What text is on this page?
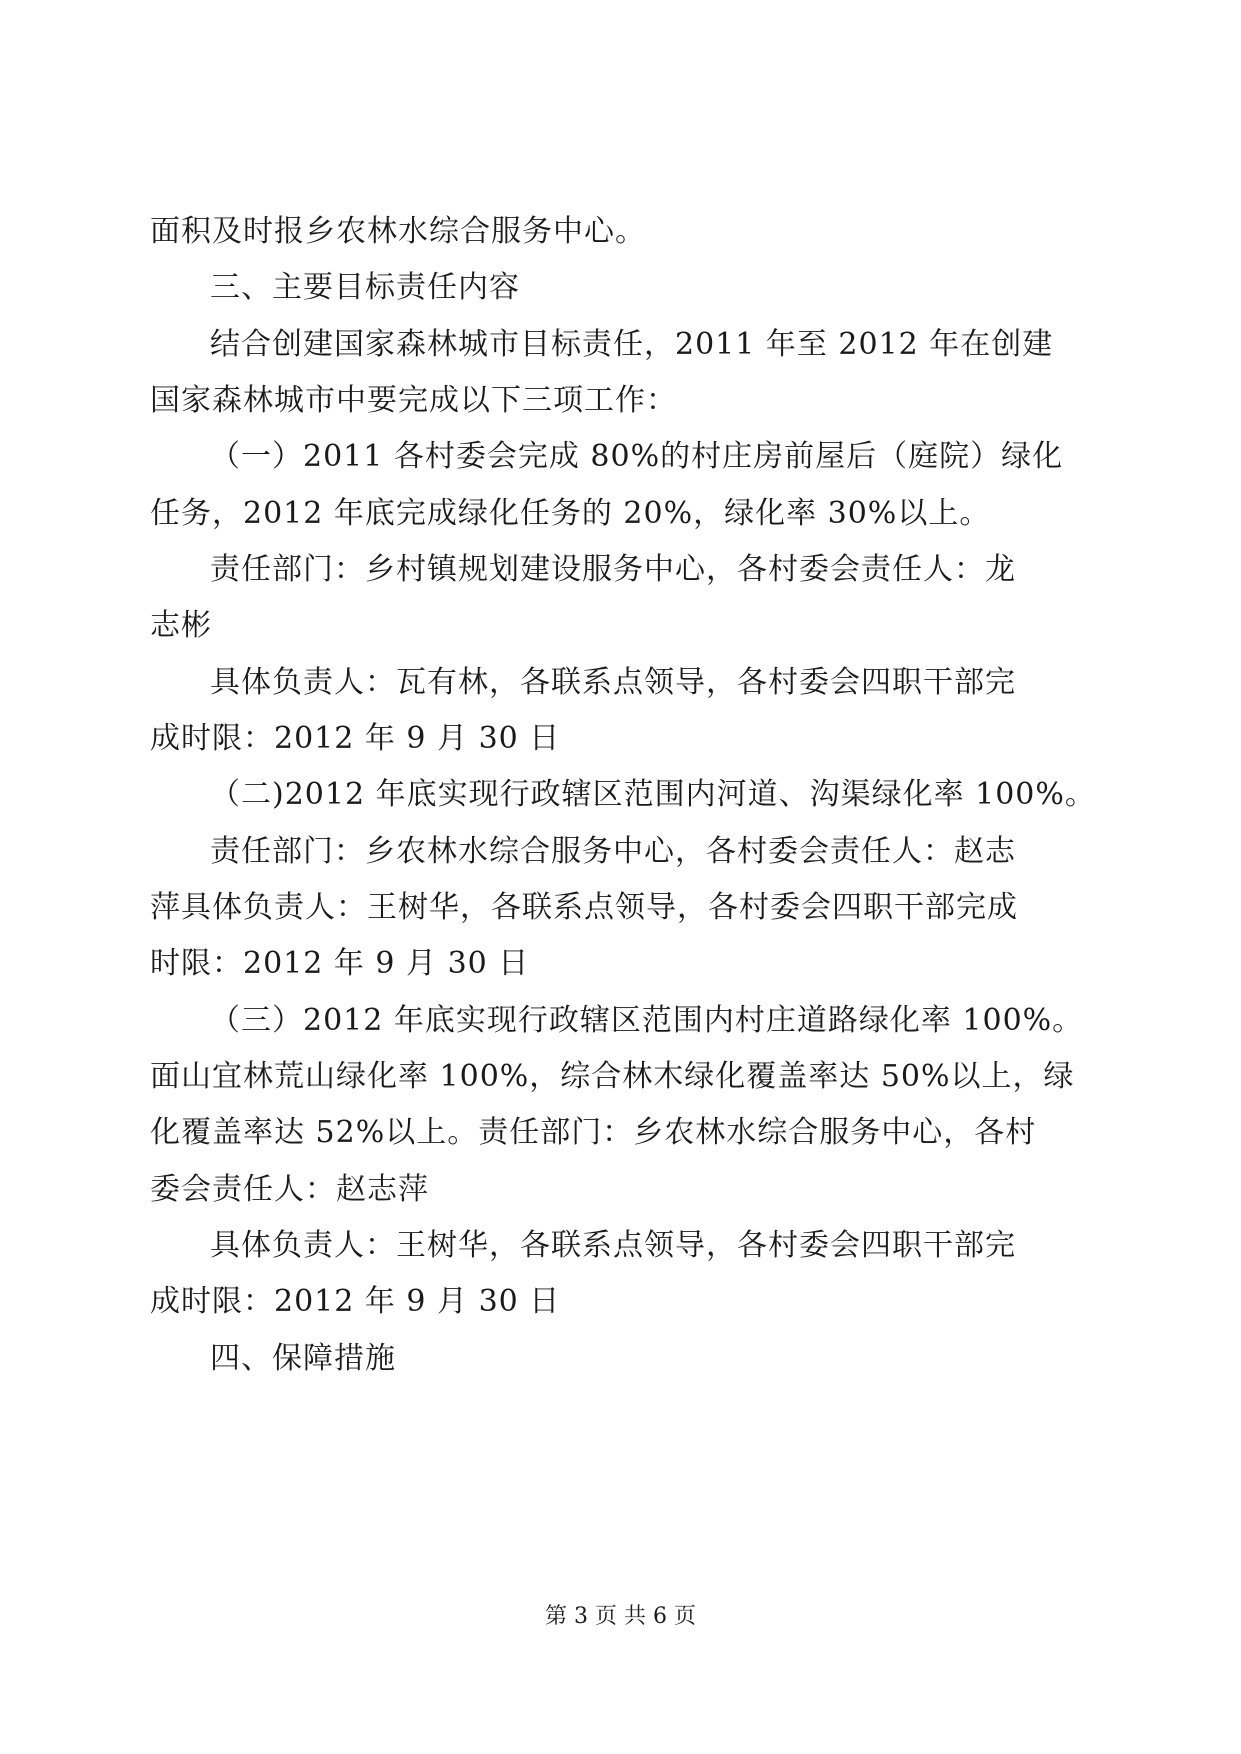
面积及时报乡农林水综合服务中心。
三、主要目标责任内容
结合创建国家森林城市目标责任，2011 年至 2012 年在创建
国家森林城市中要完成以下三项工作：
（一）2011 各村委会完成 80%的村庄房前屋后（庭院）绿化
任务，2012 年底完成绿化任务的 20%，绿化率 30%以上。
责任部门：乡村镇规划建设服务中心，各村委会责任人：龙
志彬
具体负责人：瓦有林，各联系点领导，各村委会四职干部完
成时限：2012 年 9 月 30 日
（二)2012 年底实现行政辖区范围内河道、沟渠绿化率 100%。
责任部门：乡农林水综合服务中心，各村委会责任人：赵志
萍具体负责人：王树华，各联系点领导，各村委会四职干部完成
时限：2012 年 9 月 30 日
（三）2012 年底实现行政辖区范围内村庄道路绿化率 100%。
面山宜林荒山绿化率 100%，综合林木绿化覆盖率达 50%以上，绿
化覆盖率达 52%以上。责任部门：乡农林水综合服务中心，各村
委会责任人：赵志萍
具体负责人：王树华，各联系点领导，各村委会四职干部完
成时限：2012 年 9 月 30 日
四、保障措施
第 3 页 共 6 页
